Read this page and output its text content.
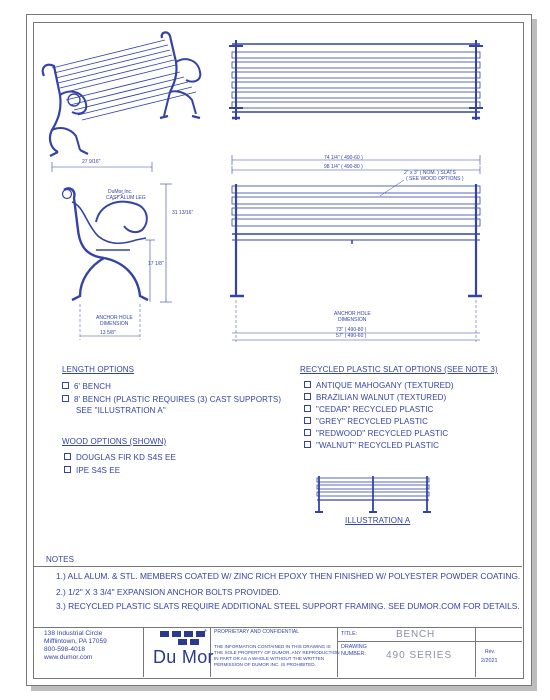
27 9/16"
DuMor Inc.
CAST ALUM LEG
31 13/16"
17 1/8"
ANCHOR HOLE
DIMENSION
13 5/8"
74 1/4" ( 490-60 )
98 1/4" ( 490-80 )
2" x 3" ( NOM. ) SLATS
( SEE WOOD OPTIONS )
ANCHOR HOLE
DIMENSION
73" ( 490-80 )
57" ( 490-60 )
LENGTH OPTIONS
6' BENCH
8' BENCH (PLASTIC REQUIRES (3) CAST SUPPORTS)
SEE "ILLUSTRATION A"
WOOD OPTIONS (SHOWN)
DOUGLAS FIR KD S4S EE
IPE S4S EE
RECYCLED PLASTIC SLAT OPTIONS (SEE NOTE 3)
ANTIQUE MAHOGANY (TEXTURED)
BRAZILIAN WALNUT (TEXTURED)
"CEDAR" RECYCLED PLASTIC
"GREY" RECYCLED PLASTIC
"REDWOOD" RECYCLED PLASTIC
"WALNUT" RECYCLED PLASTIC
ILLUSTRATION A
NOTES
1.) ALL ALUM. & STL. MEMBERS COATED W/ ZINC RICH EPOXY THEN FINISHED W/ POLYESTER POWDER COATING.
2.) 1/2" X 3 3/4" EXPANSION ANCHOR BOLTS PROVIDED.
3.) RECYCLED PLASTIC SLATS REQUIRE ADDITIONAL STEEL SUPPORT FRAMING. SEE DUMOR.COM FOR DETAILS.
138 Industrial Circle
Mifflintown, PA 17059
800-598-4018
www.dumor.com	Du Mor
® PROPRIETARY AND CONFIDENTIAL
THE INFORMATION CONTAINED IN THIS DRAWING IS
THE SOLE PROPERTY OF DUMOR. ANY REPRODUCTION
IN PART OR AS A WHOLE WITHOUT THE WRITTEN
PERMISSION OF DUMOR INC. IS PROHIBITED.
TITLE:	BENCH
DRAWING
NUMBER: 490 SERIES	Rev.
2/2021
